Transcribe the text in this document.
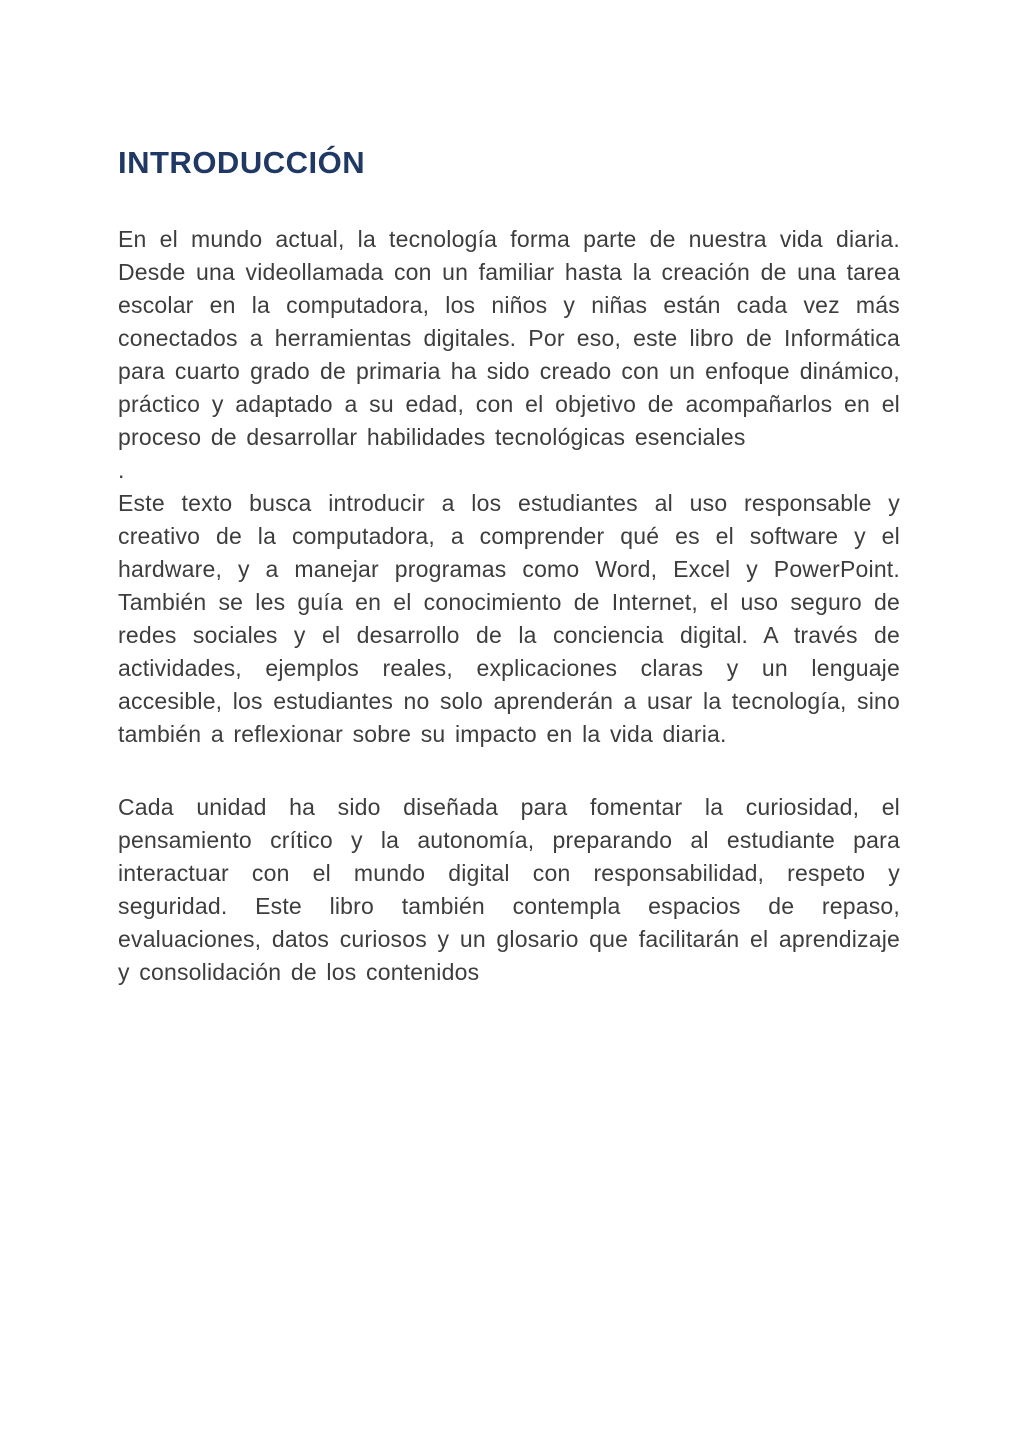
INTRODUCCIÓN

En el mundo actual, la tecnología forma parte de nuestra vida diaria. Desde una videollamada con un familiar hasta la creación de una tarea escolar en la computadora, los niños y niñas están cada vez más conectados a herramientas digitales. Por eso, este libro de Informática para cuarto grado de primaria ha sido creado con un enfoque dinámico, práctico y adaptado a su edad, con el objetivo de acompañarlos en el proceso de desarrollar habilidades tecnológicas esenciales

.

Este texto busca introducir a los estudiantes al uso responsable y creativo de la computadora, a comprender qué es el software y el hardware, y a manejar programas como Word, Excel y PowerPoint. También se les guía en el conocimiento de Internet, el uso seguro de redes sociales y el desarrollo de la conciencia digital. A través de actividades, ejemplos reales, explicaciones claras y un lenguaje accesible, los estudiantes no solo aprenderán a usar la tecnología, sino también a reflexionar sobre su impacto en la vida diaria.

Cada unidad ha sido diseñada para fomentar la curiosidad, el pensamiento crítico y la autonomía, preparando al estudiante para interactuar con el mundo digital con responsabilidad, respeto y seguridad. Este libro también contempla espacios de repaso, evaluaciones, datos curiosos y un glosario que facilitarán el aprendizaje y consolidación de los contenidos
